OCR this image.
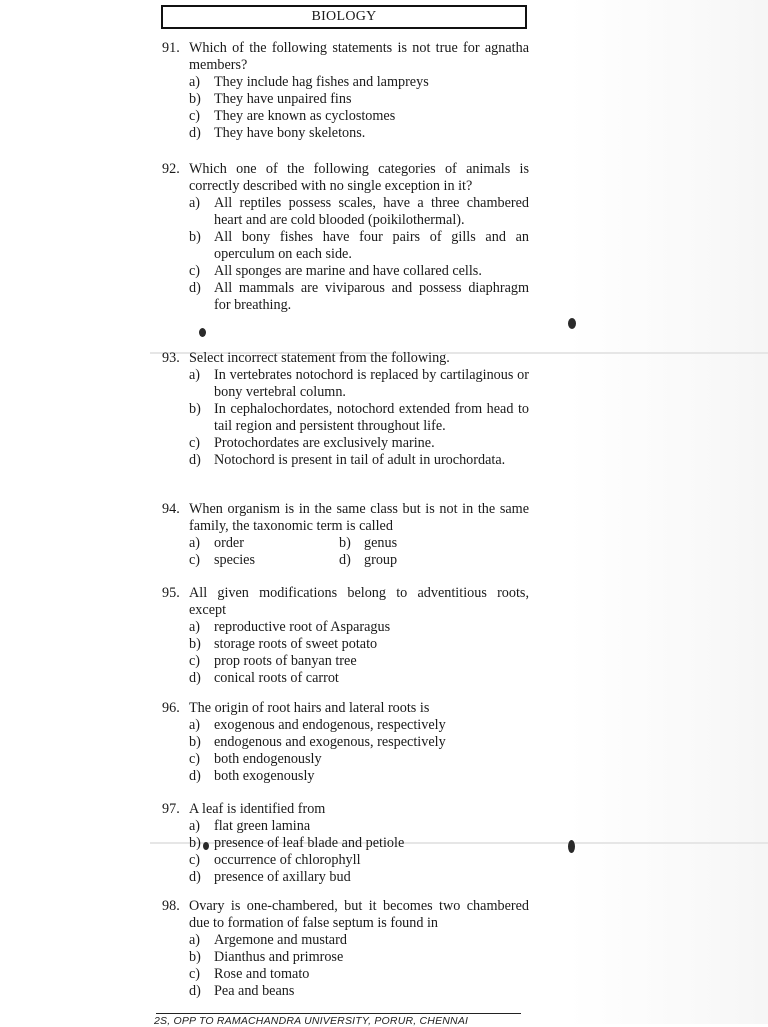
BIOLOGY
91. Which of the following statements is not true for agnatha members?
a) They include hag fishes and lampreys
b) They have unpaired fins
c) They are known as cyclostomes
d) They have bony skeletons.
92. Which one of the following categories of animals is correctly described with no single exception in it?
a) All reptiles possess scales, have a three chambered heart and are cold blooded (poikilothermal).
b) All bony fishes have four pairs of gills and an operculum on each side.
c) All sponges are marine and have collared cells.
d) All mammals are viviparous and possess diaphragm for breathing.
93. Select incorrect statement from the following.
a) In vertebrates notochord is replaced by cartilaginous or bony vertebral column.
b) In cephalochordates, notochord extended from head to tail region and persistent throughout life.
c) Protochordates are exclusively marine.
d) Notochord is present in tail of adult in urochordata.
94. When organism is in the same class but is not in the same family, the taxonomic term is called
a) order	b) genus
c) species	d) group
95. All given modifications belong to adventitious roots, except
a) reproductive root of Asparagus
b) storage roots of sweet potato
c) prop roots of banyan tree
d) conical roots of carrot
96. The origin of root hairs and lateral roots is
a) exogenous and endogenous, respectively
b) endogenous and exogenous, respectively
c) both endogenously
d) both exogenously
97. A leaf is identified from
a) flat green lamina
b) presence of leaf blade and petiole
c) occurrence of chlorophyll
d) presence of axillary bud
98. Ovary is one-chambered, but it becomes two chambered due to formation of false septum is found in
a) Argemone and mustard
b) Dianthus and primrose
c) Rose and tomato
d) Pea and beans
2S, OPP TO RAMACHANDRA UNIVERSITY, PORUR, CHENNAI
